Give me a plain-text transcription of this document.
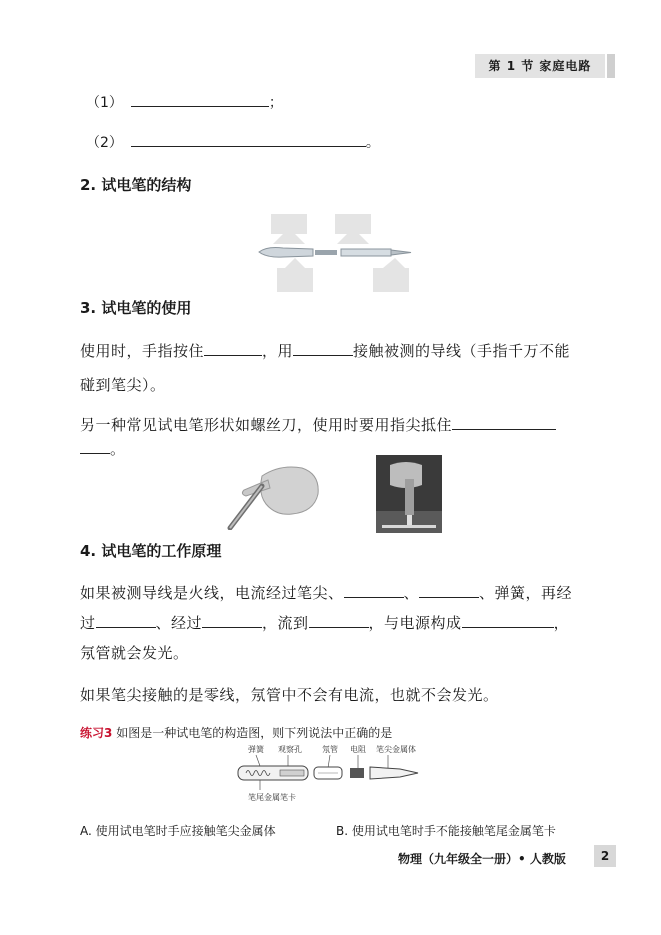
第 1 节 家庭电路
（1）	；
（2）	。
2. 试电笔的结构
3. 试电笔的使用
使用时，手指按住	，用	接触被测的导线（手指千万不能
碰到笔尖）。
另一种常见试电笔形状如螺丝刀，使用时要用指尖抵住
。
4. 试电笔的工作原理
如果被测导线是火线，电流经过笔尖、	、	、弹簧，再经
过	、经过	，流到	，与电源构成	，
氖管就会发光。
如果笔尖接触的是零线，氖管中不会有电流，也就不会发光。
练习3 如图是一种试电笔的构造图，则下列说法中正确的是
弹簧 观察孔	氖管 电阻 笔尖金属体
笔尾金属笔卡
A. 使用试电笔时手应接触笔尖金属体	B. 使用试电笔时手不能接触笔尾金属笔卡
物理（九年级全一册）• 人教版	2
